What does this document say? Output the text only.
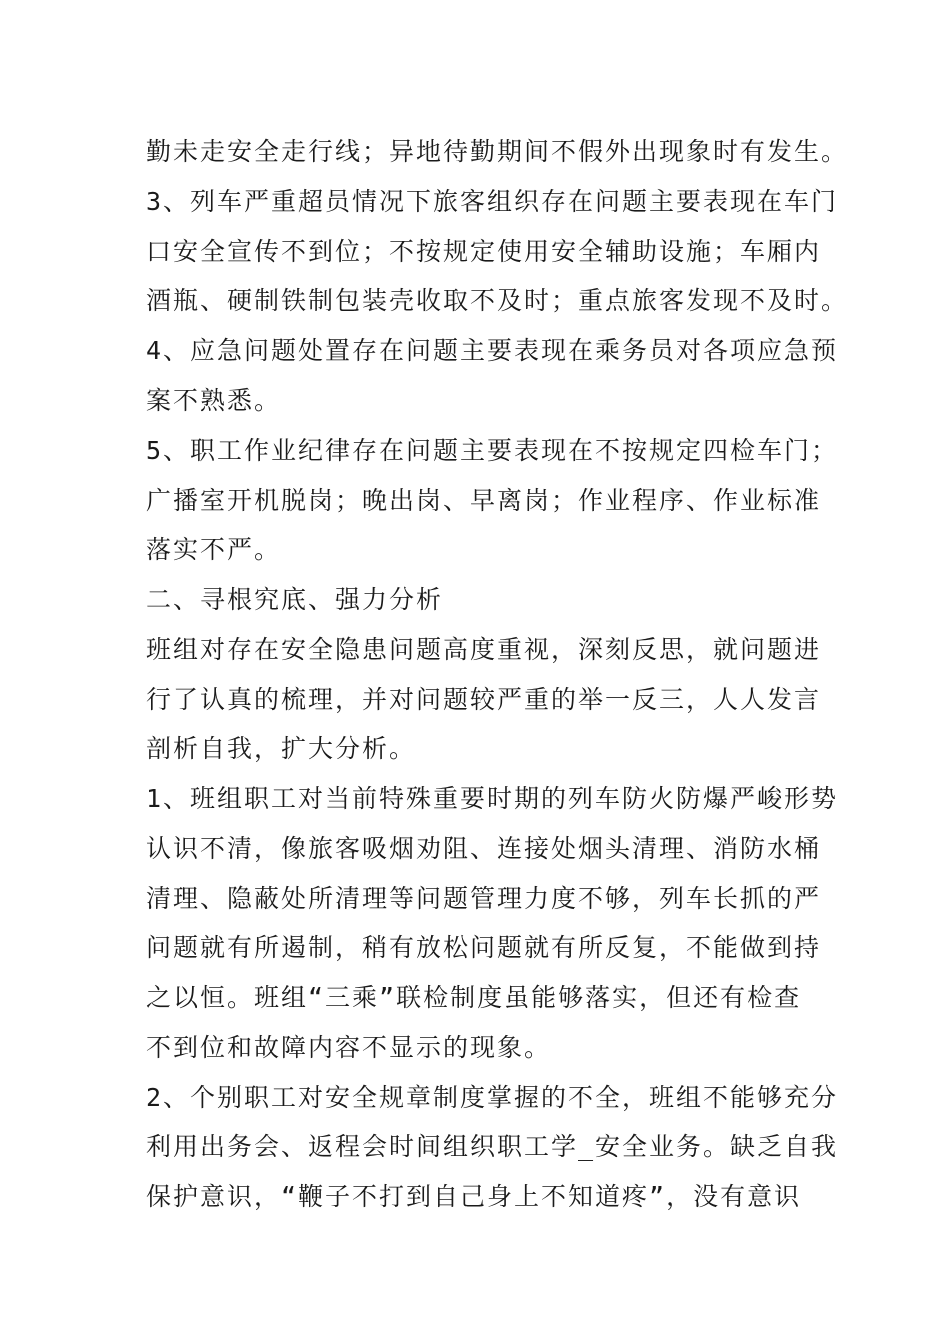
勤未走安全走行线；异地待勤期间不假外出现象时有发生。
3、列车严重超员情况下旅客组织存在问题主要表现在车门
口安全宣传不到位；不按规定使用安全辅助设施；车厢内
酒瓶、硬制铁制包装壳收取不及时；重点旅客发现不及时。
4、应急问题处置存在问题主要表现在乘务员对各项应急预
案不熟悉。
5、职工作业纪律存在问题主要表现在不按规定四检车门；
广播室开机脱岗；晚出岗、早离岗；作业程序、作业标准
落实不严。
二、寻根究底、强力分析
班组对存在安全隐患问题高度重视，深刻反思，就问题进
行了认真的梳理，并对问题较严重的举一反三，人人发言
剖析自我，扩大分析。
1、班组职工对当前特殊重要时期的列车防火防爆严峻形势
认识不清，像旅客吸烟劝阻、连接处烟头清理、消防水桶
清理、隐蔽处所清理等问题管理力度不够，列车长抓的严
问题就有所遏制，稍有放松问题就有所反复，不能做到持
之以恒。班组“三乘”联检制度虽能够落实，但还有检查
不到位和故障内容不显示的现象。
2、个别职工对安全规章制度掌握的不全，班组不能够充分
利用出务会、返程会时间组织职工学_安全业务。缺乏自我
保护意识，“鞭子不打到自己身上不知道疼”，没有意识
